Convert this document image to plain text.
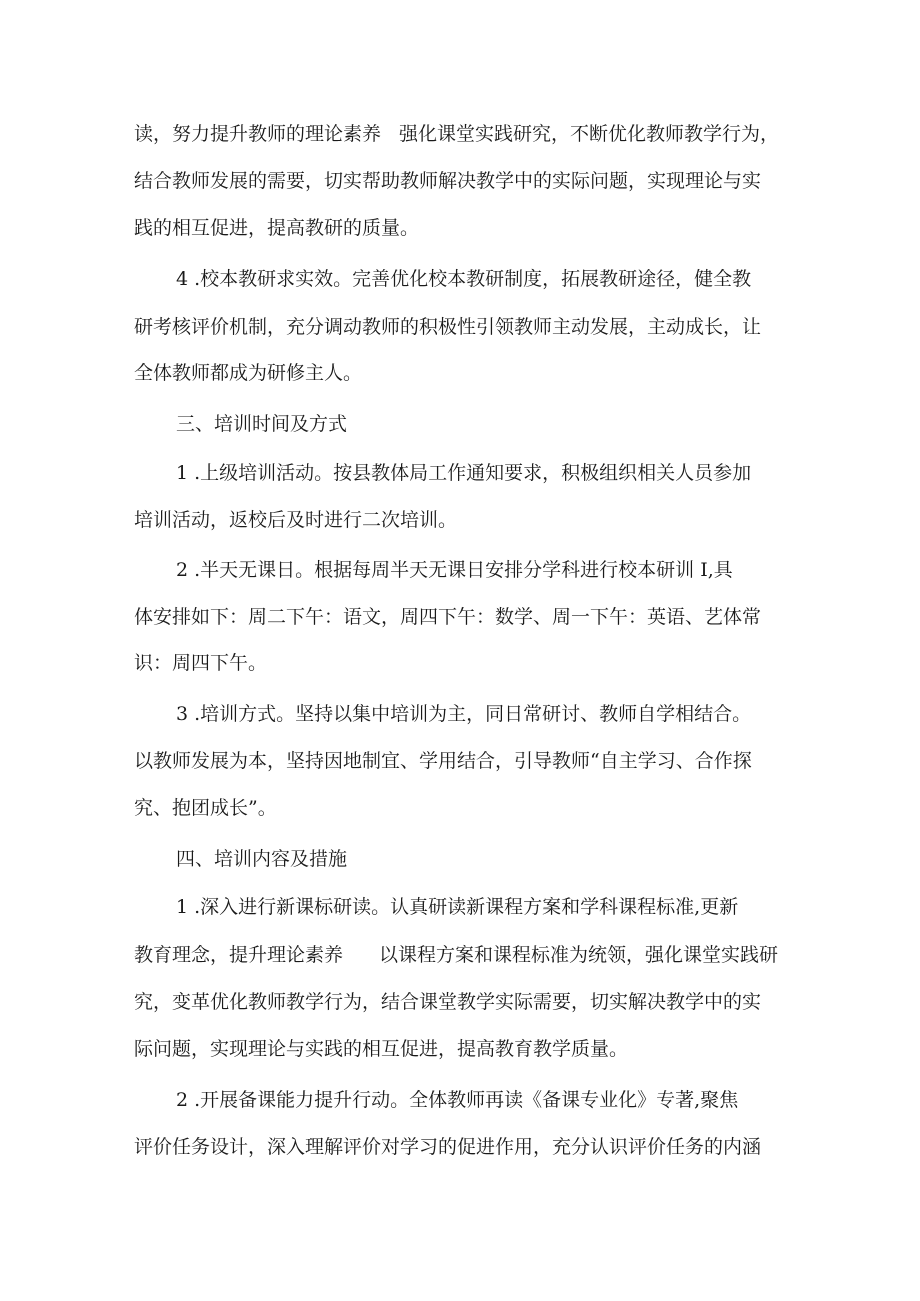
读，努力提升教师的理论素养

强化课堂实践研究，不断优化教师教学行为，

结合教师发展的需要，切实帮助教师解决教学中的实际问题，实现理论与实

践的相互促进，提高教研的质量。

4 .校本教研求实效。完善优化校本教研制度，拓展教研途径，健全教

研考核评价机制，充分调动教师的积极性引领教师主动发展，主动成长，让

全体教师都成为研修主人。

三、培训时间及方式

1 .上级培训活动。按县教体局工作通知要求，积极组织相关人员参加

培训活动，返校后及时进行二次培训。

2 .半天无课日。根据每周半天无课日安排分学科进行校本研训 I,具

体安排如下：周二下午：语文，周四下午：数学、周一下午：英语、艺体常

识：周四下午。

3 .培训方式。坚持以集中培训为主，同日常研讨、教师自学相结合。

以教师发展为本，坚持因地制宜、学用结合，引导教师“自主学习、合作探

究、抱团成长”。

四、培训内容及措施

1 .深入进行新课标研读。认真研读新课程方案和学科课程标准,更新

教育理念，提升理论素养

以课程方案和课程标准为统领，强化课堂实践研

究，变革优化教师教学行为，结合课堂教学实际需要，切实解决教学中的实

际问题，实现理论与实践的相互促进，提高教育教学质量。

2 .开展备课能力提升行动。全体教师再读《备课专业化》专著,聚焦

评价任务设计，深入理解评价对学习的促进作用，充分认识评价任务的内涵
